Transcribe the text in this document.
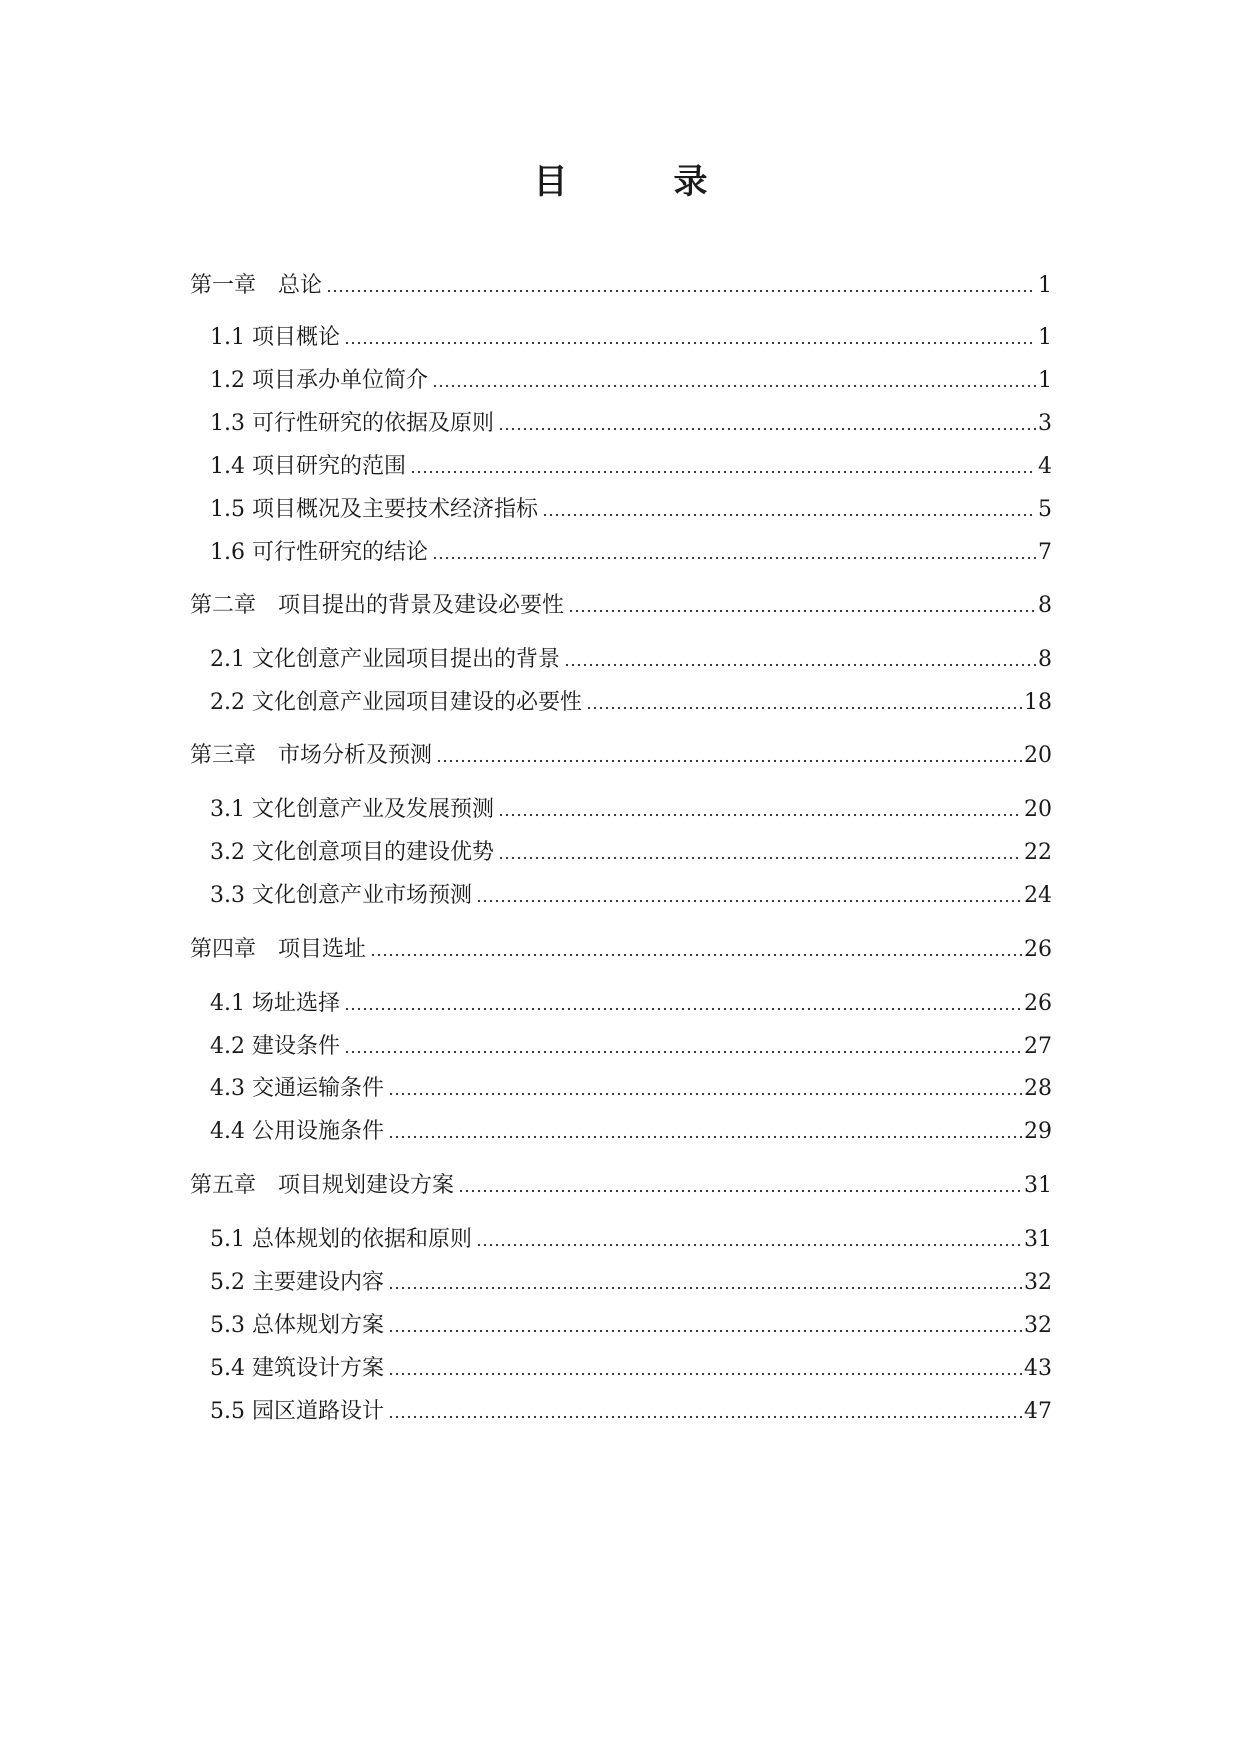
目　录
第一章　总论	1
1.1 项目概论	1
1.2 项目承办单位简介	1
1.3 可行性研究的依据及原则	3
1.4 项目研究的范围	4
1.5 项目概况及主要技术经济指标	5
1.6 可行性研究的结论	7
第二章　项目提出的背景及建设必要性	8
2.1 文化创意产业园项目提出的背景	8
2.2 文化创意产业园项目建设的必要性	18
第三章　市场分析及预测	20
3.1 文化创意产业及发展预测	20
3.2 文化创意项目的建设优势	22
3.3 文化创意产业市场预测	24
第四章　项目选址	26
4.1 场址选择	26
4.2 建设条件	27
4.3 交通运输条件	28
4.4 公用设施条件	29
第五章　项目规划建设方案	31
5.1 总体规划的依据和原则	31
5.2 主要建设内容	32
5.3 总体规划方案	32
5.4 建筑设计方案	43
5.5 园区道路设计	47
